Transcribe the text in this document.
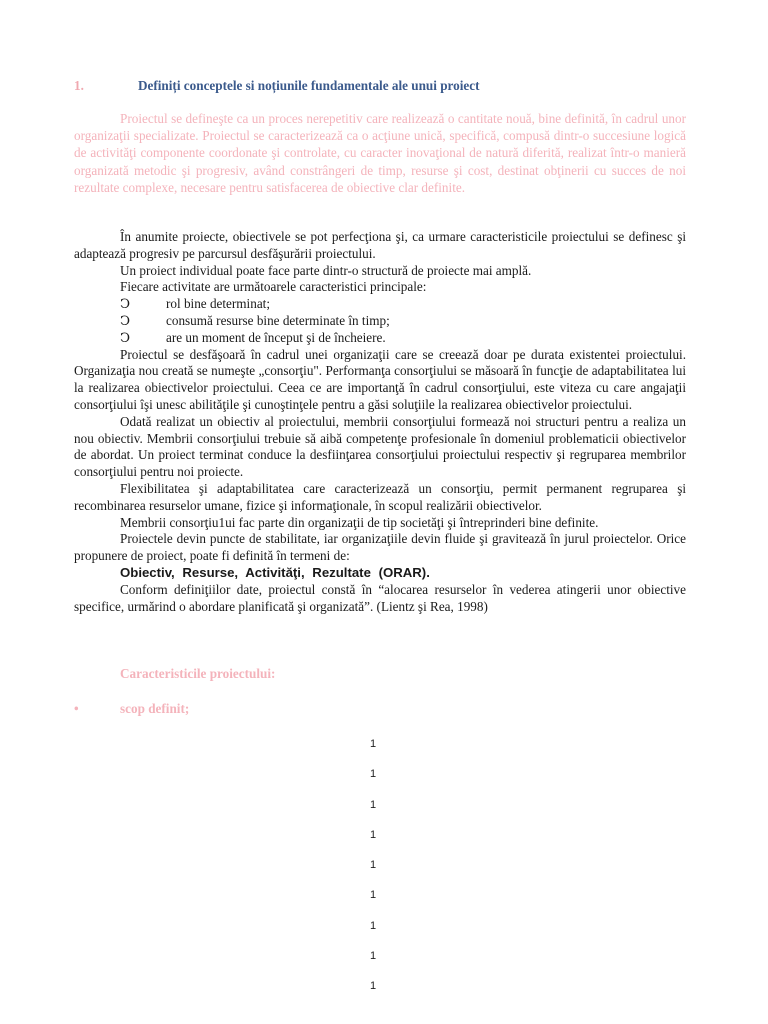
1.	Definiți conceptele si noțiunile fundamentale ale unui proiect

Proiectul se defineşte ca un proces nerepetitiv care realizează o cantitate nouă, bine definită, în cadrul unor organizaţii specializate. Proiectul se caracterizează ca o acţiune unică, specifică, compusă dintr-o succesiune logică de activităţi componente coordonate şi controlate, cu caracter inovaţional de natură diferită, realizat într-o manieră organizată metodic şi progresiv, având constrângeri de timp, resurse şi cost, destinat obţinerii cu succes de noi rezultate complexe, necesare pentru satisfacerea de obiective clar definite.

În anumite proiecte, obiectivele se pot perfecţiona şi, ca urmare caracteristicile proiectului se definesc şi adaptează progresiv pe parcursul desfăşurării proiectului.

Un proiect individual poate face parte dintr-o structură de proiecte mai amplă.

Fiecare activitate are următoarele caracteristici principale:

Ↄ	rol bine determinat;
Ↄ	consumă resurse bine determinate în timp;
Ↄ	are un moment de început şi de încheiere.

Proiectul se desfăşoară în cadrul unei organizaţii care se creează doar pe durata existentei proiectului. Organizaţia nou creată se numeşte „consorţiu". Performanţa consorţiului se măsoară în funcţie de adaptabilitatea lui la realizarea obiectivelor proiectului. Ceea ce are importanţă în cadrul consorţiului, este viteza cu care angajaţii consorţiului îşi unesc abilităţile şi cunoştinţele pentru a găsi soluţiile la realizarea obiectivelor proiectului.

Odată realizat un obiectiv al proiectului, membrii consorţiului formează noi structuri pentru a realiza un nou obiectiv. Membrii consorţiului trebuie să aibă competenţe profesionale în domeniul problematicii obiectivelor de abordat. Un proiect terminat conduce la desfiinţarea consorţiului proiectului respectiv şi regruparea membrilor consorţiului pentru noi proiecte.

Flexibilitatea şi adaptabilitatea care caracterizează un consorţiu, permit permanent regruparea şi recombinarea resurselor umane, fizice şi informaţionale, în scopul realizării obiectivelor.

Membrii consorţiu1ui fac parte din organizaţii de tip societăţi şi întreprinderi bine definite.

Proiectele devin puncte de stabilitate, iar organizaţiile devin fluide şi gravitează în jurul proiectelor. Orice propunere de proiect, poate fi definită în termeni de:

Obiectiv, Resurse, Activităţi, Rezultate (ORAR).

Conform definiţiilor date, proiectul constă în “alocarea resurselor în vederea atingerii unor obiective specifice, urmărind o abordare planificată şi organizată”. (Lientz şi Rea, 1998)

Caracteristicile proiectului:
•	scop definit;
1
1
1
1
1
1
1
1
1
